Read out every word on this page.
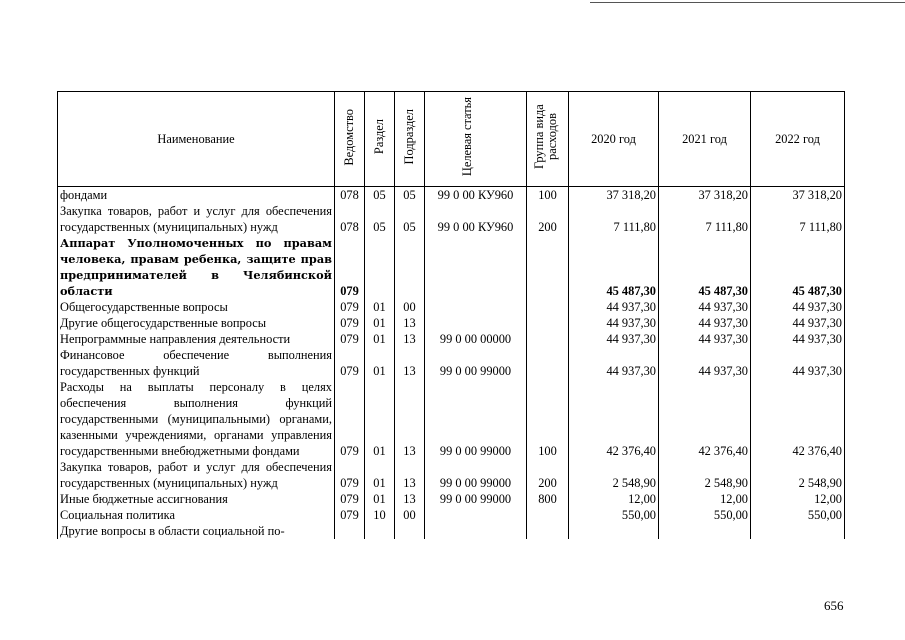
Наименование	Ведомство	Раздел	Подраздел	Целевая статья	Группа вида расходов	2020 год	2021 год	2022 год
фондами	078	05	05	99 0 00 КУ960	100	37 318,20	37 318,20	37 318,20
Закупка товаров, работ и услуг для обеспечения государственных (муниципальных) нужд	078	05	05	99 0 00 КУ960	200	7 111,80	7 111,80	7 111,80
Аппарат Уполномоченных по правам человека, правам ребенка, защите прав предпринимателей в Челябинской области	079					45 487,30	45 487,30	45 487,30
Общегосударственные вопросы	079	01	00			44 937,30	44 937,30	44 937,30
Другие общегосударственные вопросы	079	01	13			44 937,30	44 937,30	44 937,30
Непрограммные направления деятельности	079	01	13	99 0 00 00000		44 937,30	44 937,30	44 937,30
Финансовое обеспечение выполнения государственных функций	079	01	13	99 0 00 99000		44 937,30	44 937,30	44 937,30
Расходы на выплаты персоналу в целях обеспечения выполнения функций государственными (муниципальными) органами, казенными учреждениями, органами управления государственными внебюджетными фондами	079	01	13	99 0 00 99000	100	42 376,40	42 376,40	42 376,40
Закупка товаров, работ и услуг для обеспечения государственных (муниципальных) нужд	079	01	13	99 0 00 99000	200	2 548,90	2 548,90	2 548,90
Иные бюджетные ассигнования	079	01	13	99 0 00 99000	800	12,00	12,00	12,00
Социальная политика	079	10	00			550,00	550,00	550,00
Другие вопросы в области социальной по-								
656
